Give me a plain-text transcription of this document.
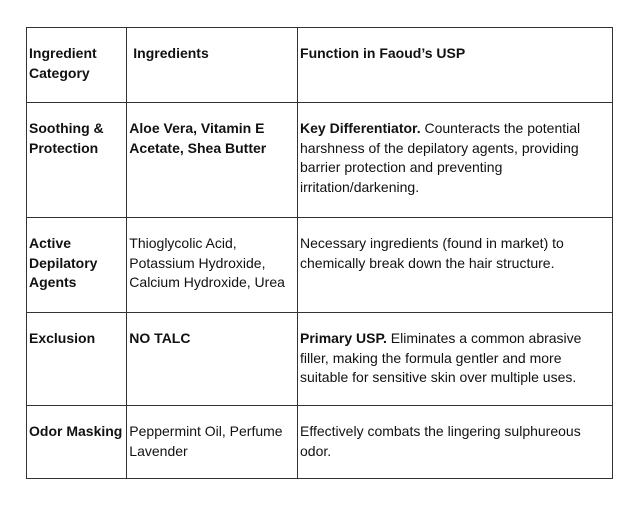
Ingredient Category	Ingredients	Function in Faoud’s USP
Soothing & Protection	Aloe Vera, Vitamin E Acetate, Shea Butter	Key Differentiator. Counteracts the potential harshness of the depilatory agents, providing barrier protection and preventing irritation/darkening.
Active Depilatory Agents	Thioglycolic Acid, Potassium Hydroxide, Calcium Hydroxide, Urea	Necessary ingredients (found in market) to chemically break down the hair structure.
Exclusion	NO TALC	Primary USP. Eliminates a common abrasive filler, making the formula gentler and more suitable for sensitive skin over multiple uses.
Odor Masking	Peppermint Oil, Perfume Lavender	Effectively combats the lingering sulphureous odor.
